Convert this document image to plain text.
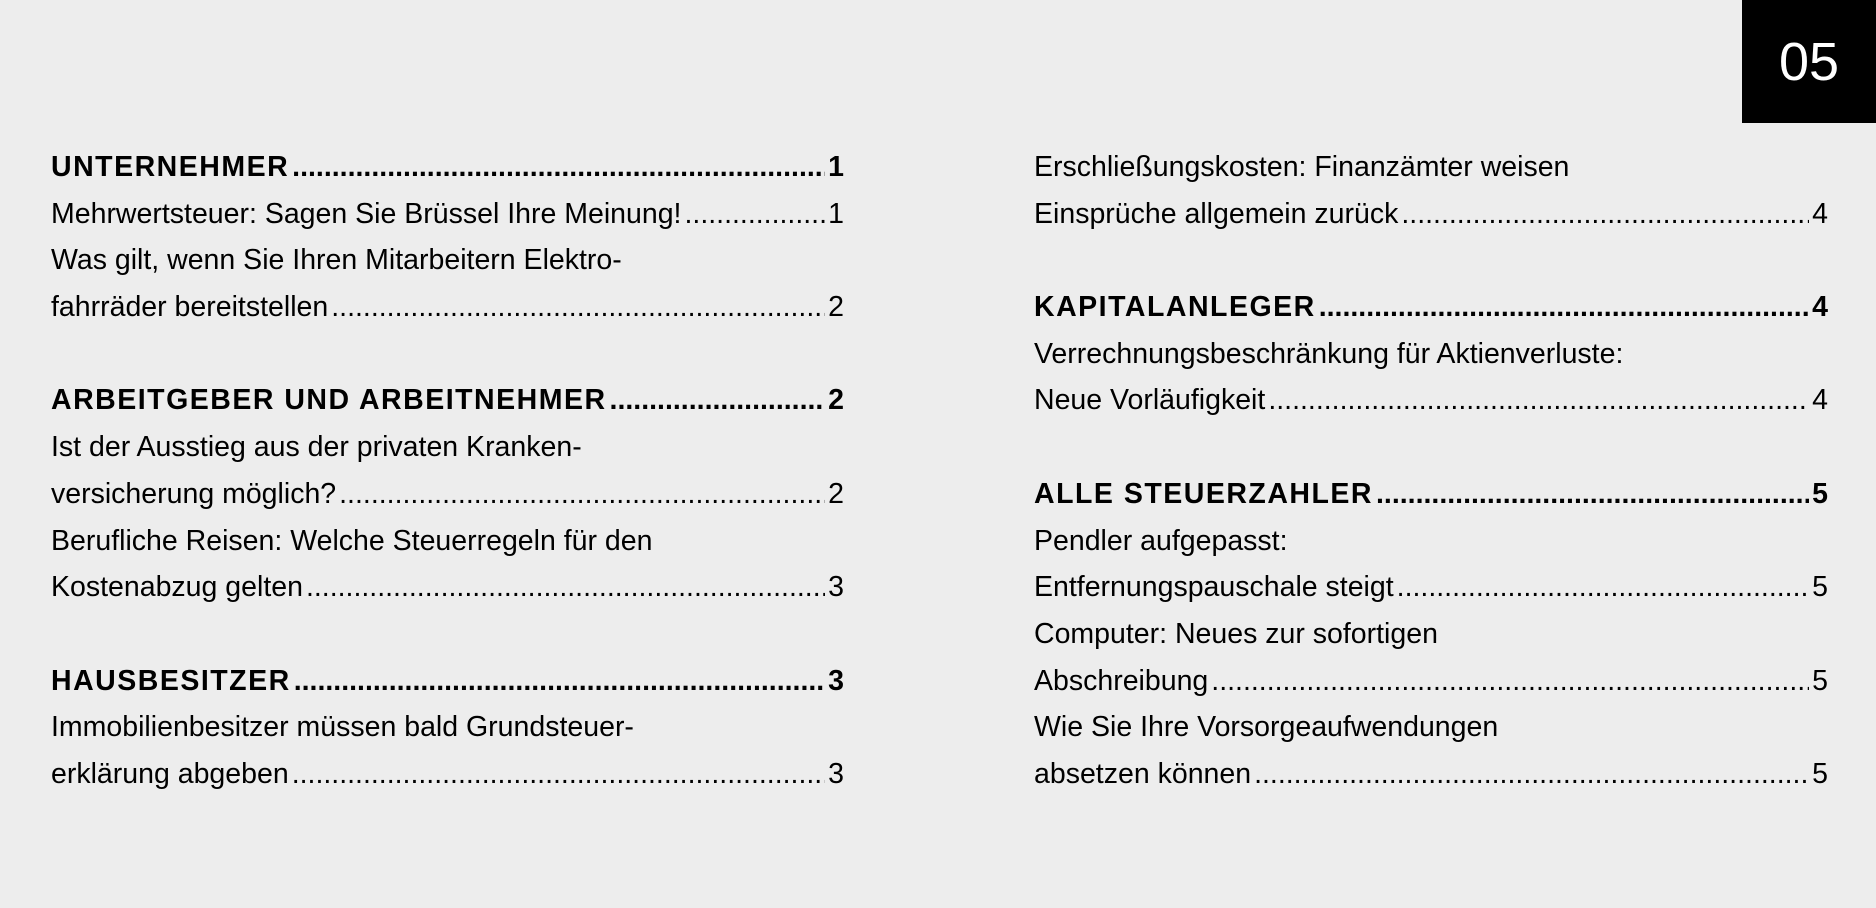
05
UNTERNEHMER .....	1
Mehrwertsteuer: Sagen Sie Brüssel Ihre Meinung! .....	1
Was gilt, wenn Sie Ihren Mitarbeitern Elektro-
fahrräder bereitstellen .....	2
ARBEITGEBER UND ARBEITNEHMER .....	2
Ist der Ausstieg aus der privaten Kranken-
versicherung möglich? .....	2
Berufliche Reisen: Welche Steuerregeln für den
Kostenabzug gelten .....	3
HAUSBESITZER .....	3
Immobilienbesitzer müssen bald Grundsteuer-
erklärung abgeben .....	3
Erschließungskosten: Finanzämter weisen
Einsprüche allgemein zurück .....	4
KAPITALANLEGER .....	4
Verrechnungsbeschränkung für Aktienverluste:
Neue Vorläufigkeit .....	4
ALLE STEUERZAHLER .....	5
Pendler aufgepasst:
Entfernungspauschale steigt .....	5
Computer: Neues zur sofortigen
Abschreibung .....	5
Wie Sie Ihre Vorsorgeaufwendungen
absetzen können .....	5
